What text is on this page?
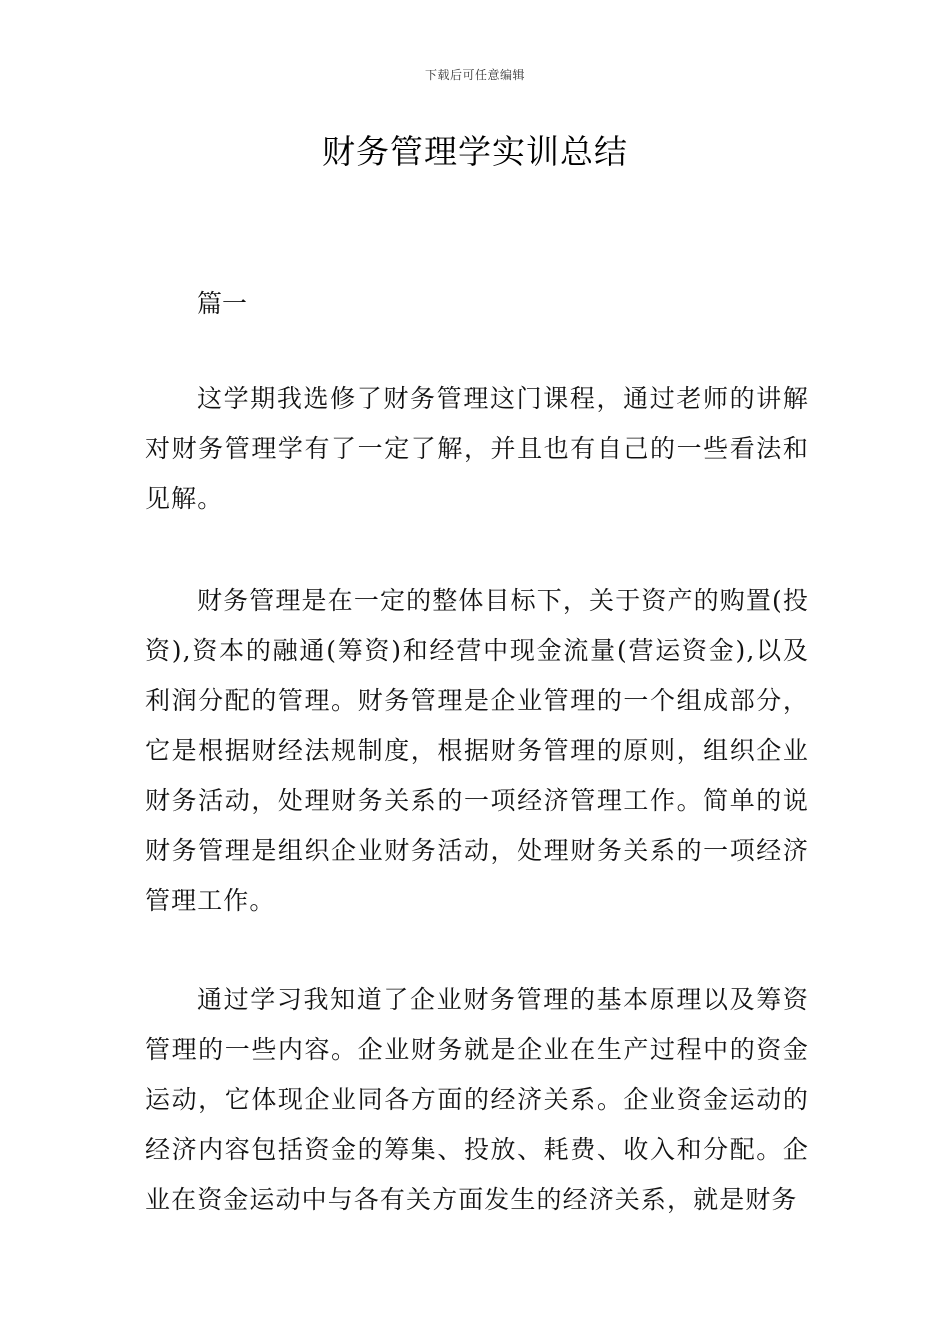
下载后可任意编辑
财务管理学实训总结
篇一

这学期我选修了财务管理这门课程，通过老师的讲解对财务管理学有了一定了解，并且也有自己的一些看法和见解。

财务管理是在一定的整体目标下，关于资产的购置(投资),资本的融通(筹资)和经营中现金流量(营运资金),以及利润分配的管理。财务管理是企业管理的一个组成部分，它是根据财经法规制度，根据财务管理的原则，组织企业财务活动，处理财务关系的一项经济管理工作。简单的说财务管理是组织企业财务活动，处理财务关系的一项经济管理工作。

通过学习我知道了企业财务管理的基本原理以及筹资管理的一些内容。企业财务就是企业在生产过程中的资金运动，它体现企业同各方面的经济关系。企业资金运动的经济内容包括资金的筹集、投放、耗费、收入和分配。企业在资金运动中与各有关方面发生的经济关系，就是财务
